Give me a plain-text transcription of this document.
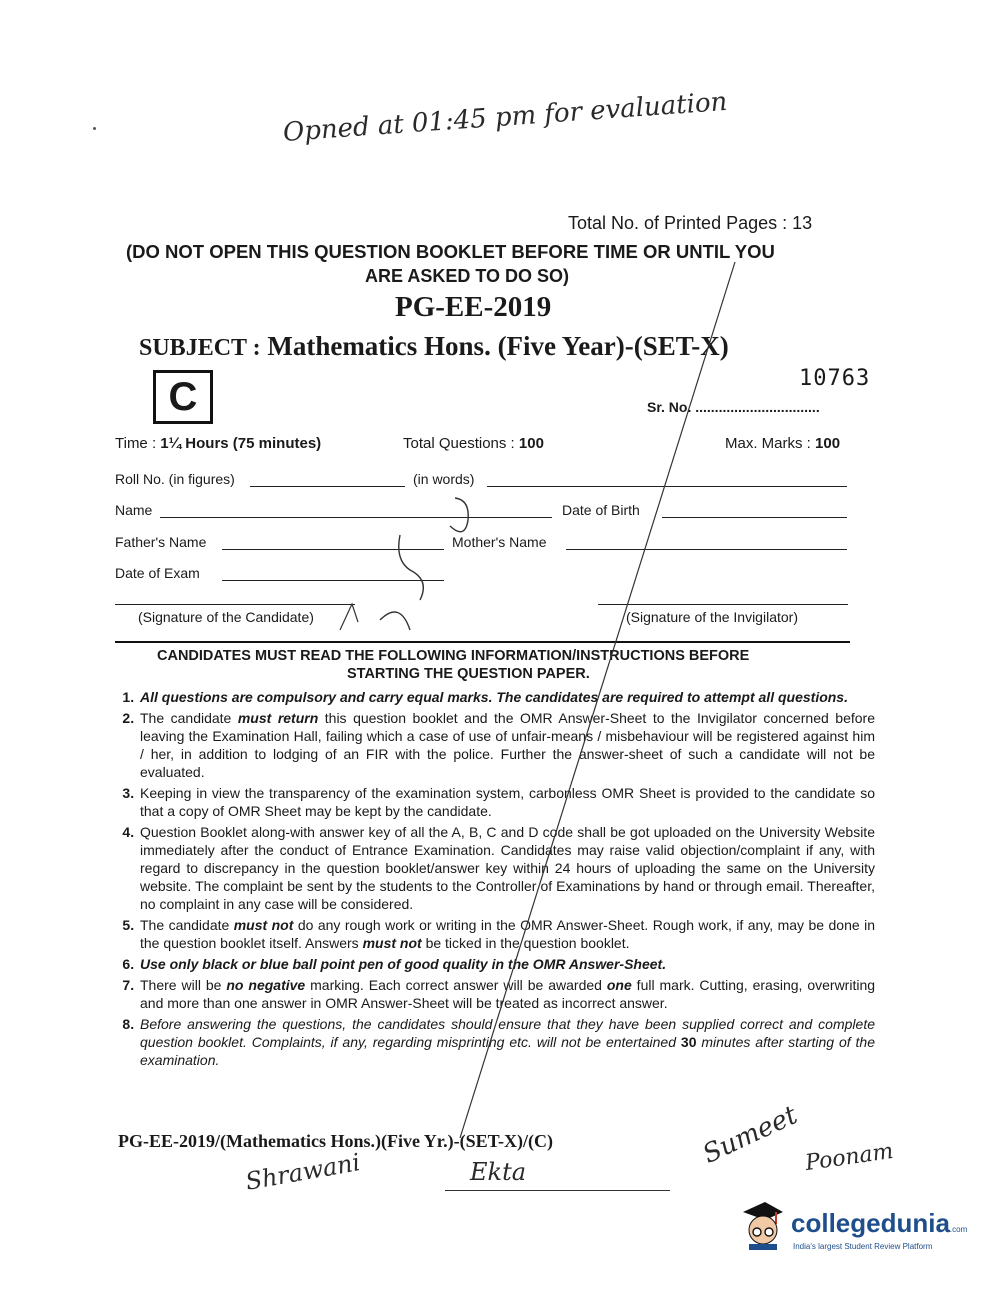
Opned at 01:45 pm for evaluation
Total No. of Printed Pages : 13
(DO NOT OPEN THIS QUESTION BOOKLET BEFORE TIME OR UNTIL YOU
ARE ASKED TO DO SO)
PG-EE-2019
SUBJECT : Mathematics Hons. (Five Year)-(SET-X)
C	10763
Sr. No. ................................
Time : 1¼ Hours (75 minutes)	Total Questions : 100	Max. Marks : 100
Roll No. (in figures)	(in words)
Name	Date of Birth
Father's Name	Mother's Name
Date of Exam
(Signature of the Candidate)	(Signature of the Invigilator)
CANDIDATES MUST READ THE FOLLOWING INFORMATION/INSTRUCTIONS BEFORE
STARTING THE QUESTION PAPER.
1. All questions are compulsory and carry equal marks. The candidates are required to attempt all questions.
2. The candidate must return this question booklet and the OMR Answer-Sheet to the Invigilator concerned before leaving the Examination Hall, failing which a case of use of unfair-means / misbehaviour will be registered against him / her, in addition to lodging of an FIR with the police. Further the answer-sheet of such a candidate will not be evaluated.
3. Keeping in view the transparency of the examination system, carbonless OMR Sheet is provided to the candidate so that a copy of OMR Sheet may be kept by the candidate.
4. Question Booklet along-with answer key of all the A, B, C and D code shall be got uploaded on the University Website immediately after the conduct of Entrance Examination. Candidates may raise valid objection/complaint if any, with regard to discrepancy in the question booklet/answer key within 24 hours of uploading the same on the University website. The complaint be sent by the students to the Controller of Examinations by hand or through email. Thereafter, no complaint in any case will be considered.
5. The candidate must not do any rough work or writing in the OMR Answer-Sheet. Rough work, if any, may be done in the question booklet itself. Answers must not be ticked in the question booklet.
6. Use only black or blue ball point pen of good quality in the OMR Answer-Sheet.
7. There will be no negative marking. Each correct answer will be awarded one full mark. Cutting, erasing, overwriting and more than one answer in OMR Answer-Sheet will be treated as incorrect answer.
8. Before answering the questions, the candidates should ensure that they have been supplied correct and complete question booklet. Complaints, if any, regarding misprinting etc. will not be entertained 30 minutes after starting of the examination.
PG-EE-2019/(Mathematics Hons.)(Five Yr.)-(SET-X)/(C)	Sumeet Poonam
Shrawani	Ekta
collegedunia.com
India's largest Student Review Platform
